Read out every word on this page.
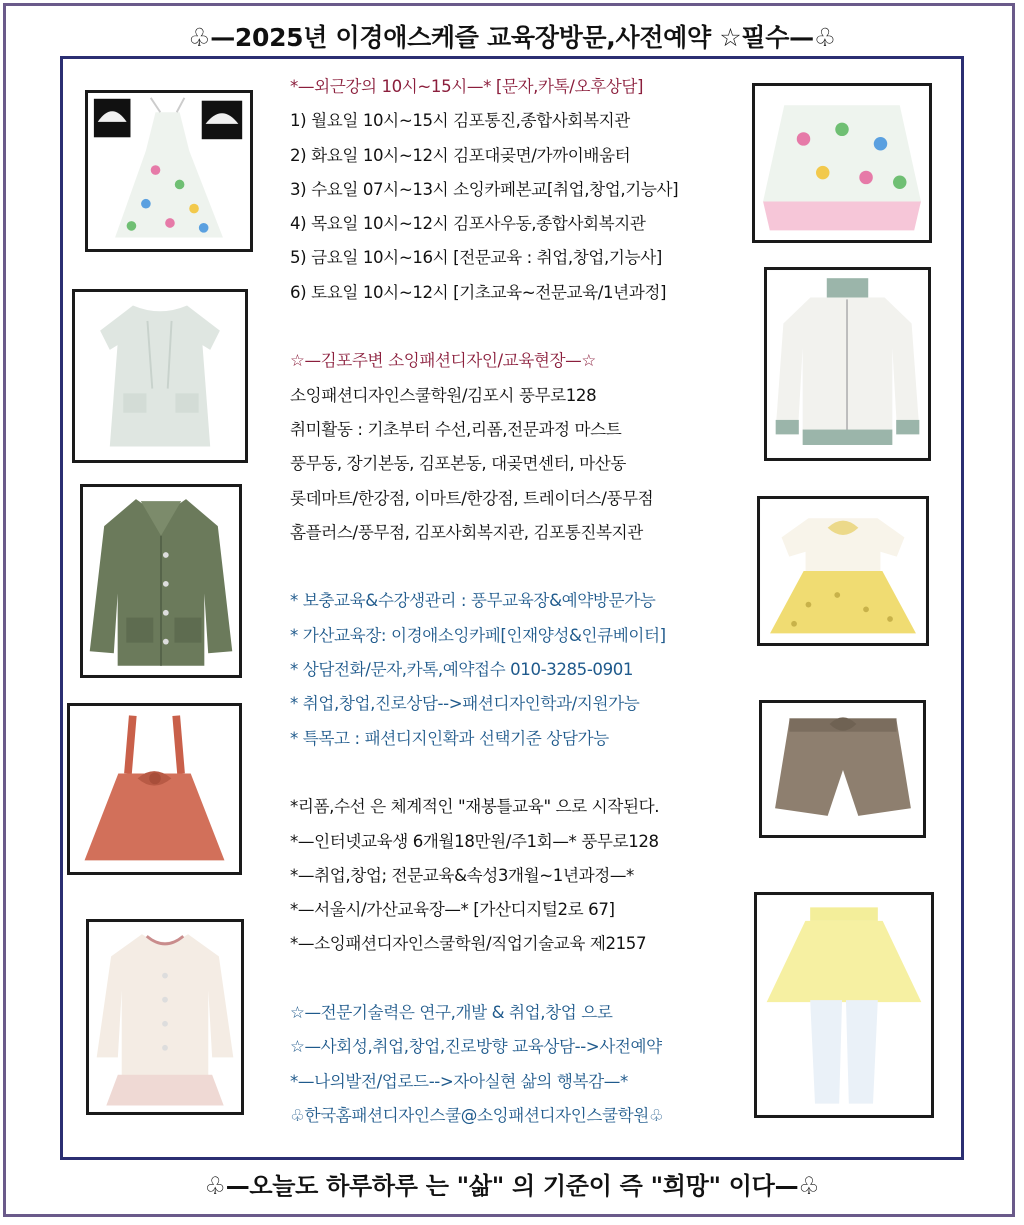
♧—2025년 이경애스케즐 교육장방문,사전예약 ☆필수—♧
*—외근강의 10시~15시—* [문자,카톡/오후상담]
1) 월요일 10시~15시 김포통진,종합사회복지관
2) 화요일 10시~12시 김포대곶면/가까이배움터
3) 수요일 07시~13시 소잉카페본교[취업,창업,기능사]
4) 목요일 10시~12시 김포사우동,종합사회복지관
5) 금요일 10시~16시 [전문교육 : 취업,창업,기능사]
6) 토요일 10시~12시 [기초교육~전문교육/1년과정]
☆—김포주변 소잉패션디자인/교육현장—☆
소잉패션디자인스쿨학원/김포시 풍무로128
취미활동 : 기초부터 수선,리폼,전문과정 마스트
풍무동, 장기본동, 김포본동, 대곶면센터, 마산동
롯데마트/한강점, 이마트/한강점, 트레이더스/풍무점
홈플러스/풍무점, 김포사회복지관, 김포통진복지관
* 보충교육&수강생관리 : 풍무교육장&예약방문가능
* 가산교육장: 이경애소잉카페[인재양성&인큐베이터]
* 상담전화/문자,카톡,예약접수 010-3285-0901
* 취업,창업,진로상담-->패션디자인학과/지원가능
* 특목고 : 패션디지인확과 선택기준 상담가능
*리폼,수선 은 체계적인 "재봉틀교육" 으로 시작된다.
*—인터넷교육생 6개월18만원/주1회—* 풍무로128
*—취업,창업; 전문교육&속성3개월~1년과정—*
*—서울시/가산교육장—* [가산디지털2로 67]
*—소잉패션디자인스쿨학원/직업기술교육 제2157
☆—전문기술력은 연구,개발 & 취업,창업 으로
☆—사회성,취업,창업,진로방향 교육상담-->사전예약
*—나의발전/업로드-->자아실현 삶의 행복감—*
♧한국홈패션디자인스쿨@소잉패션디자인스쿨학원♧
♧—오늘도 하루하루 는 "삶" 의 기준이 즉 "희망" 이다—♧
